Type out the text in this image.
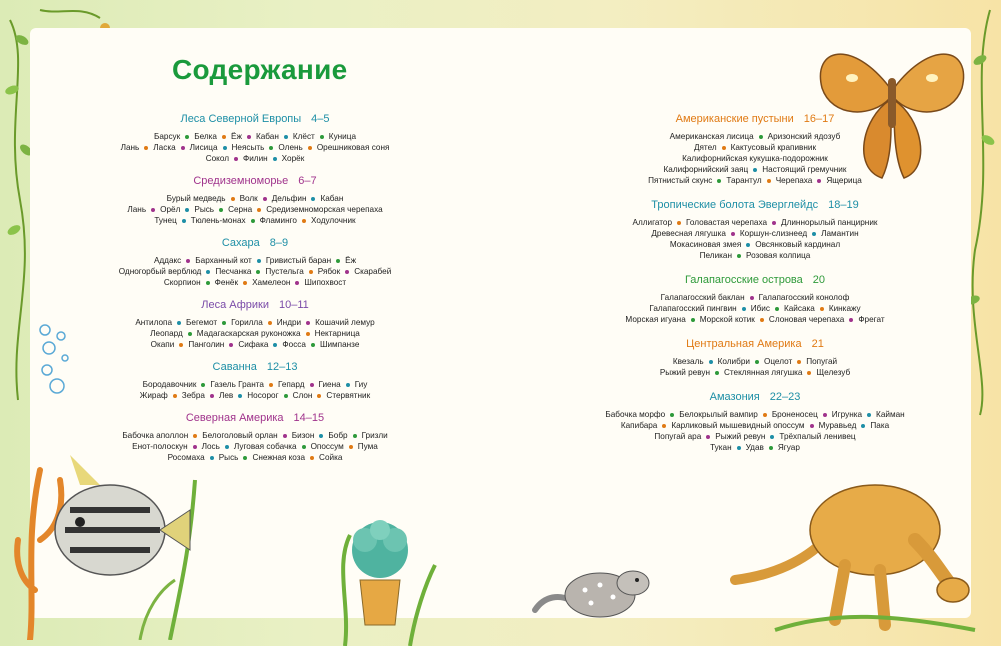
Содержание
Леса Северной Европы 4–5
Барсук Белка Ёж Кабан Клёст Куница
Лань Ласка Лисица Неясыть Олень Орешниковая соня
Сокол Филин Хорёк
Средиземноморье 6–7
Бурый медведь Волк Дельфин Кабан
Лань Орёл Рысь Серна Средиземноморская черепаха
Тунец Тюлень-монах Фламинго Ходулочник
Сахара 8–9
Аддакс Барханный кот Гривистый баран Ёж
Одногорбый верблюд Песчанка Пустельга Рябок Скарабей
Скорпион Фенёк Хамелеон Шипохвост
Леса Африки 10–11
Антилопа Бегемот Горилла Индри Кошачий лемур
Леопард Мадагаскарская руконожка Нектарница
Окапи Панголин Сифака Фосса Шимпанзе
Саванна 12–13
Бородавочник Газель Гранта Гепард Гиена Гиу
Жираф Зебра Лев Носорог Слон Стервятник
Северная Америка 14–15
Бабочка аполлон Белоголовый орлан Бизон Бобр Гризли
Енот-полоскун Лось Луговая собачка Опоссум Пума
Росомаха Рысь Снежная коза Сойка
Американские пустыни 16–17
Американская лисица Аризонский ядозуб
Дятел Кактусовый крапивник
Калифорнийская кукушка-подорожник
Калифорнийский заяц Настоящий гремучник
Пятнистый скунс Тарантул Черепаха Ящерица
Тропические болота Эверглейдс 18–19
Аллигатор Головастая черепаха Длиннорылый панцирник
Древесная лягушка Коршун-слизнеед Ламантин
Мокасиновая змея Овсянковый кардинал
Пеликан Розовая колпица
Галапагосские острова 20
Галапагосский баклан Галапагосский конолоф
Галапагосский пингвин Ибис Кайсака Кинкажу
Морская игуана Морской котик Слоновая черепаха Фрегат
Центральная Америка 21
Квезаль Колибри Оцелот Попугай
Рыжий ревун Стеклянная лягушка Щелезуб
Амазония 22–23
Бабочка морфо Белокрылый вампир Броненосец Игрунка Кайман
Капибара Карликовый мышевидный опоссум Муравьед Пака
Попугай ара Рыжий ревун Трёхпалый ленивец
Тукан Удав Ягуар
